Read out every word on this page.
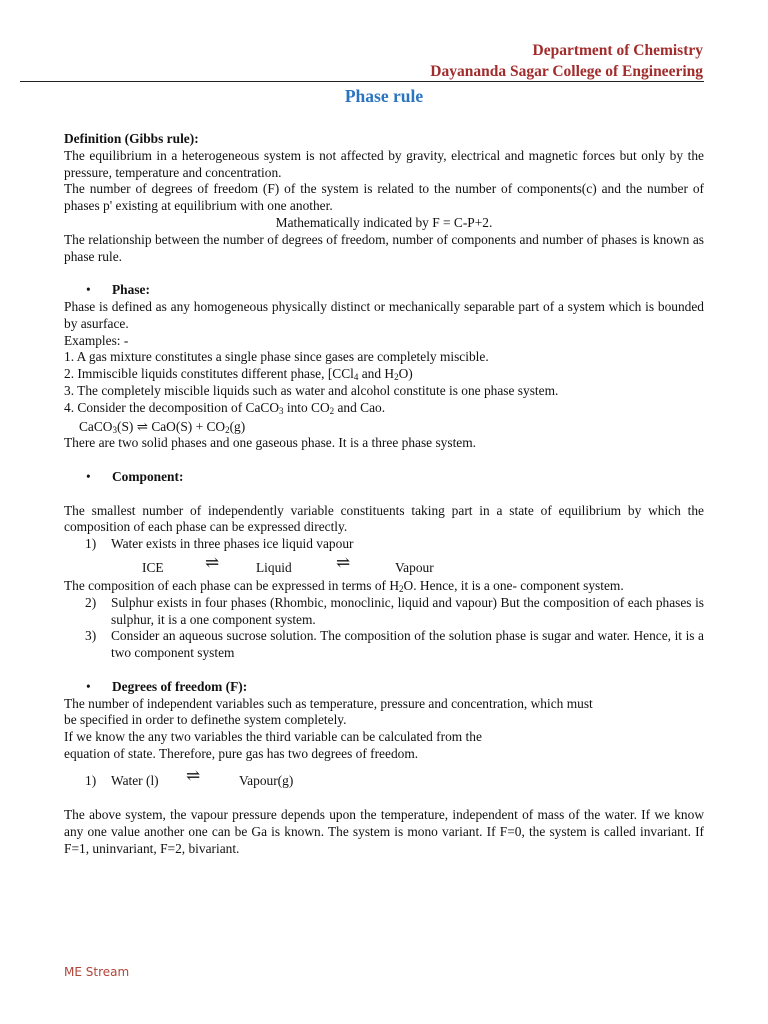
Department of Chemistry
Dayananda Sagar College of Engineering
Phase rule

Definition (Gibbs rule):

The equilibrium in a heterogeneous system is not affected by gravity, electrical and magnetic forces but only by the pressure, temperature and concentration.

The number of degrees of freedom (F) of the system is related to the number of components(c) and the number of phases p' existing at equilibrium with one another.

Mathematically indicated by F = C-P+2.

The relationship between the number of degrees of freedom, number of components and number of phases is known as phase rule.

• Phase:

Phase is defined as any homogeneous physically distinct or mechanically separable part of a system which is bounded by asurface.

Examples: -

1. A gas mixture constitutes a single phase since gases are completely miscible.

2. Immiscible liquids constitutes different phase, [CCl$_4$ and $H_2O$)

3. The completely miscible liquids such as water and alcohol constitute is one phase system.

4. Consider the decomposition of CaCO$_3$ into $CO_2$ and Cao.

CaCO$_3$(S) ⇌ $CaO(S) + CO_2(g)$

There are two solid phases and one gaseous phase. It is a three phase system.

• Component:

The smallest number of independently variable constituents taking part in a state of equilibrium by which the composition of each phase can be expressed directly.

1) Water exists in three phases ice liquid vapour

ICE ⇌	Liquid	⇌	Vapour

The composition of each phase can be expressed in terms of $H_2O$. Hence, it is a one- component system.

2) Sulphur exists in four phases (Rhombic, monoclinic, liquid and vapour) But the composition of each phases is sulphur, it is a one component system.

3) Consider an aqueous sucrose solution. The composition of the solution phase is sugar and water. Hence, it is a two component system

• Degrees of freedom (F):

The number of independent variables such as temperature, pressure and concentration, which must

be specified in order to definethe system completely.

If we know the any two variables the third variable can be calculated from the

equation of state. Therefore, pure gas has two degrees of freedom.

1) Water (l) ⇌	Vapour(g)

The above system, the vapour pressure depends upon the temperature, independent of mass of the water. If we know any one value another one can be Ga is known. The system is mono variant. If F=0, the system is called invariant. If F=1, uninvariant, F=2, bivariant.

ME Stream
